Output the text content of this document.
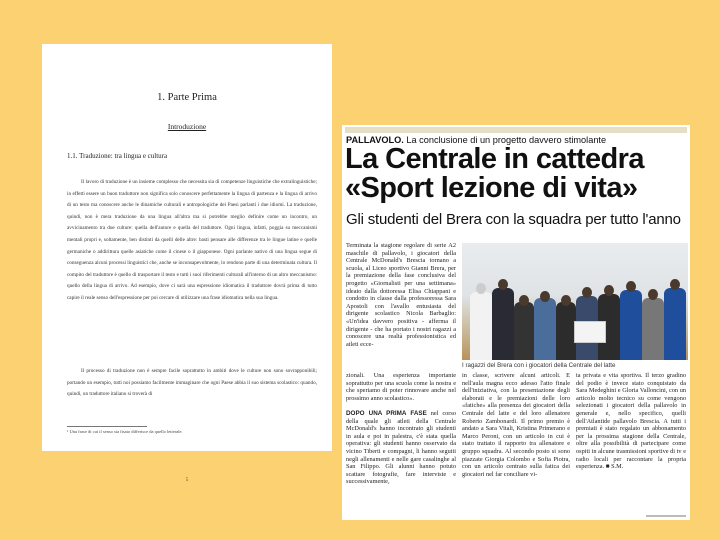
1. Parte Prima
Introduzione
1.1. Traduzione: tra lingua e cultura
Il lavoro di traduzione è un insieme complesso che necessita sia di competenze linguistiche che extralinguistiche; in effetti essere un buon traduttore non significa solo conoscere perfettamente la lingua di partenza e la lingua di arrivo di un testo ma conoscere anche le dinamiche culturali e antropologiche dei Paesi parlanti i due idiomi. La traduzione, quindi, non è mera traduzione da una lingua all'altra ma si potrebbe meglio definire come un incontro, un avvicinamento tra due culture: quella dell'autore e quella del traduttore. Ogni lingua, infatti, poggia su meccanismi mentali propri e, soltamente, ben distinti da quelli delle altre: basti pensare alle differenze tra le lingue latine e quelle germaniche o addirittura quelle asiatiche come il cinese o il giapponese. Ogni parlante nativo di una lingua segue di conseguenza alcuni processi linguistici che, anche se inconsapevolmente, lo rendono parte di una determinata cultura. Il compito del traduttore è quello di trasportare il testo e tutti i suoi riferimenti culturali all'interno di un altro meccanismo: quello della lingua di arrivo. Ad esempio, dove ci sarà una espressione idiomatica il traduttore dovrà prima di tutto capire il reale senso dell'espressione per poi cercare di utilizzare una frase idiomatica nella sua lingua.
Il processo di traduzione non è sempre facile soprattutto in ambiti dove le culture non sono sovrapponibili; portando un esempio, tutti noi possiamo facilmente immaginare che ogni Paese abbia il suo sistema scolastico: quando, quindi, un traduttore italiano si troverà di
¹ Una frase di cui il senso sia fisato differisce da quello letterale.
5
PALLAVOLO. La conclusione di un progetto davvero stimolante
La Centrale in cattedra
«Sport lezione di vita»
Gli studenti del Brera con la squadra per tutto l'anno
Terminata la stagione regolare di serie A2 maschile di pallavolo, i giocatori della Centrale McDonald's Brescia tornano a scuola, al Liceo sportivo Gianni Brera, per la premiazione della fase conclusiva del progetto «Giornalisti per una settimana» ideato dalla dottoressa Elisa Chiappani e condotto in classe dalla professoressa Sara Apostoli con l'avallo entusiasta del dirigente scolastico Nicola Barbaglio: «Un'idea davvero positiva - afferma il dirigente - che ha portato i nostri ragazzi a conoscere una realtà professionistica ed atleti ecce-
I ragazzi del Brera con i giocatori della Centrale del latte
zionali. Una esperienza importante soprattutto per una scuola come la nostra e che speriamo di poter rinnovare anche nel prossimo anno scolastico».

DOPO UNA PRIMA FASE nel corso della quale gli atleti della Centrale McDonald's hanno incontrato gli studenti in aula e poi in palestra, c'è stata quella operativa: gli studenti hanno osservato da vicino Tiberti e compagni, li hanno seguiti negli allenamenti e nelle gare casalinghe al San Filippo. Gli alunni hanno potuto scattare fotografie, fare interviste e successivamente,
in classe, scrivere alcuni articoli. E nell'aula magna ecco adesso l'atto finale dell'iniziativa, con la presentazione degli elaborati e le premiazioni delle loro «fatiche» alla presenza dei giocatori della Centrale del latte e del loro allenatore Roberto Zambonardi. Il primo premio è andato a Sara Vitali, Kristina Primerano e Marco Peroni, con un articolo in cui è stato trattato il rapporto tra allenatore e gruppo squadra. Al secondo posto si sono piazzate Giorgia Colombo e Sofia Piotra, con un articolo centrato sulla fatica dei giocatori nel far conciliare vi-
ta privata e vita sportiva. Il terzo gradino del podio è invece stato conquistato da Sara Medeghini e Gloria Valloncini, con un articolo molto tecnico su come vengono selezionati i giocatori della pallavolo in generale e, nello specifico, quelli dell'Atlantide pallavolo Brescia. A tutti i premiati è stato regalato un abbonamento per la prossima stagione della Centrale, oltre alla possibilità di partecipare come ospiti in alcune trasmissioni sportive di tv e radio locali per raccontare la propria esperienza. ■ S.M.
